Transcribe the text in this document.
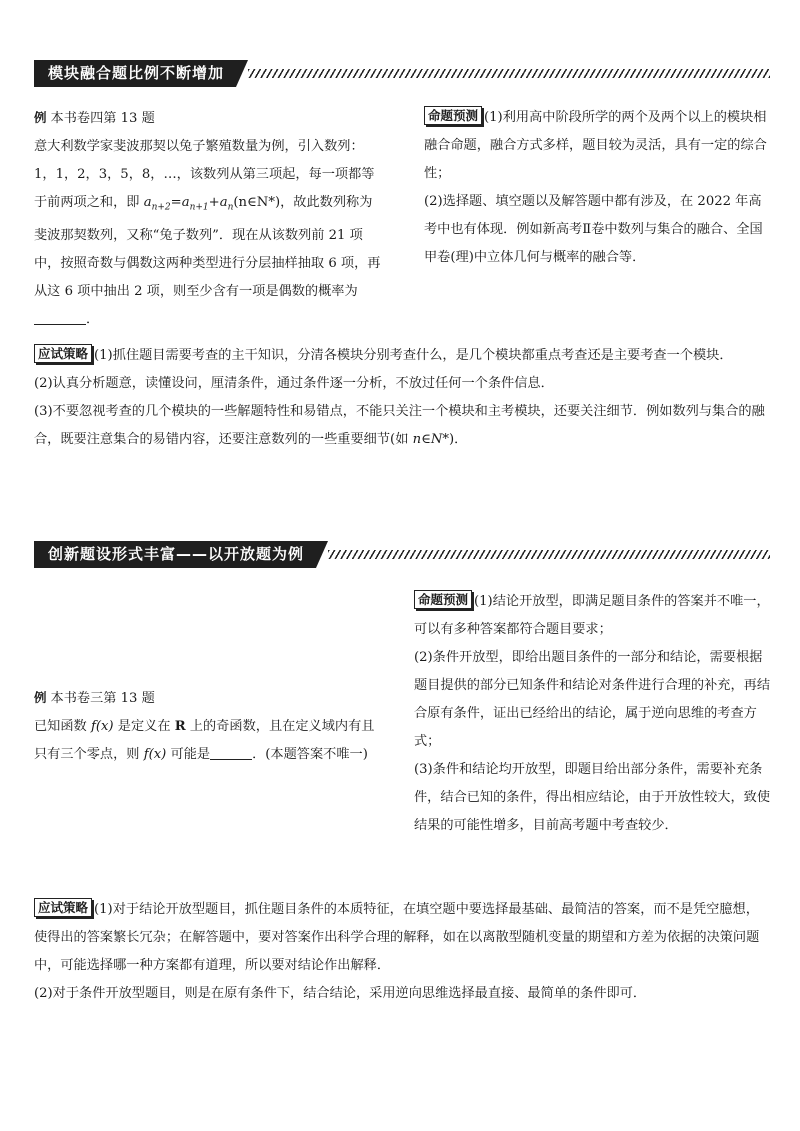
模块融合题比例不断增加

例 本书卷四第 13 题
意大利数学家斐波那契以兔子繁殖数量为例，引入数列：1，1，2，3，5，8，…，该数列从第三项起，每一项都等于前两项之和，即 $a_{n+2}=a_{n+1}+a_n(n\in N*)$，故此数列称为斐波那契数列，又称“兔子数列”．现在从该数列前 21 项中，按照奇数与偶数这两种类型进行分层抽样抽取 6 项，再从这 6 项中抽出 2 项，则至少含有一项是偶数的概率为．

命题预测 (1)利用高中阶段所学的两个及两个以上的模块相融合命题，融合方式多样，题目较为灵活，具有一定的综合性；
(2)选择题、填空题以及解答题中都有涉及，在 2022 年高考中也有体现．例如新高考Ⅱ卷中数列与集合的融合、全国甲卷(理)中立体几何与概率的融合等．

应试策略 (1)抓住题目需要考查的主干知识，分清各模块分别考查什么，是几个模块都重点考查还是主要考查一个模块．
(2)认真分析题意，读懂设问，厘清条件，通过条件逐一分析，不放过任何一个条件信息．
(3)不要忽视考查的几个模块的一些解题特性和易错点，不能只关注一个模块和主考模块，还要关注细节．例如数列与集合的融合，既要注意集合的易错内容，还要注意数列的一些重要细节(如 n∈N*)．

创新题设形式丰富——以开放题为例

命题预测 (1)结论开放型，即满足题目条件的答案并不唯一，可以有多种答案都符合题目要求；
(2)条件开放型，即给出题目条件的一部分和结论，需要根据题目提供的部分已知条件和结论对条件进行合理的补充，再结合原有条件，证出已经给出的结论，属于逆向思维的考查方式；
(3)条件和结论均开放型，即题目给出部分条件，需要补充条件，结合已知的条件，得出相应结论，由于开放性较大，致使结果的可能性增多，目前高考题中考查较少．

例 本书卷三第 13 题
已知函数 f(x) 是定义在 R 上的奇函数，且在定义域内有且只有三个零点，则 f(x) 可能是	．(本题答案不唯一)

应试策略 (1)对于结论开放型题目，抓住题目条件的本质特征，在填空题中要选择最基础、最简洁的答案，而不是凭空臆想，使得出的答案繁长冗杂；在解答题中，要对答案作出科学合理的解释，如在以离散型随机变量的期望和方差为依据的决策问题中，可能选择哪一种方案都有道理，所以要对结论作出解释．
(2)对于条件开放型题目，则是在原有条件下，结合结论，采用逆向思维选择最直接、最简单的条件即可．
